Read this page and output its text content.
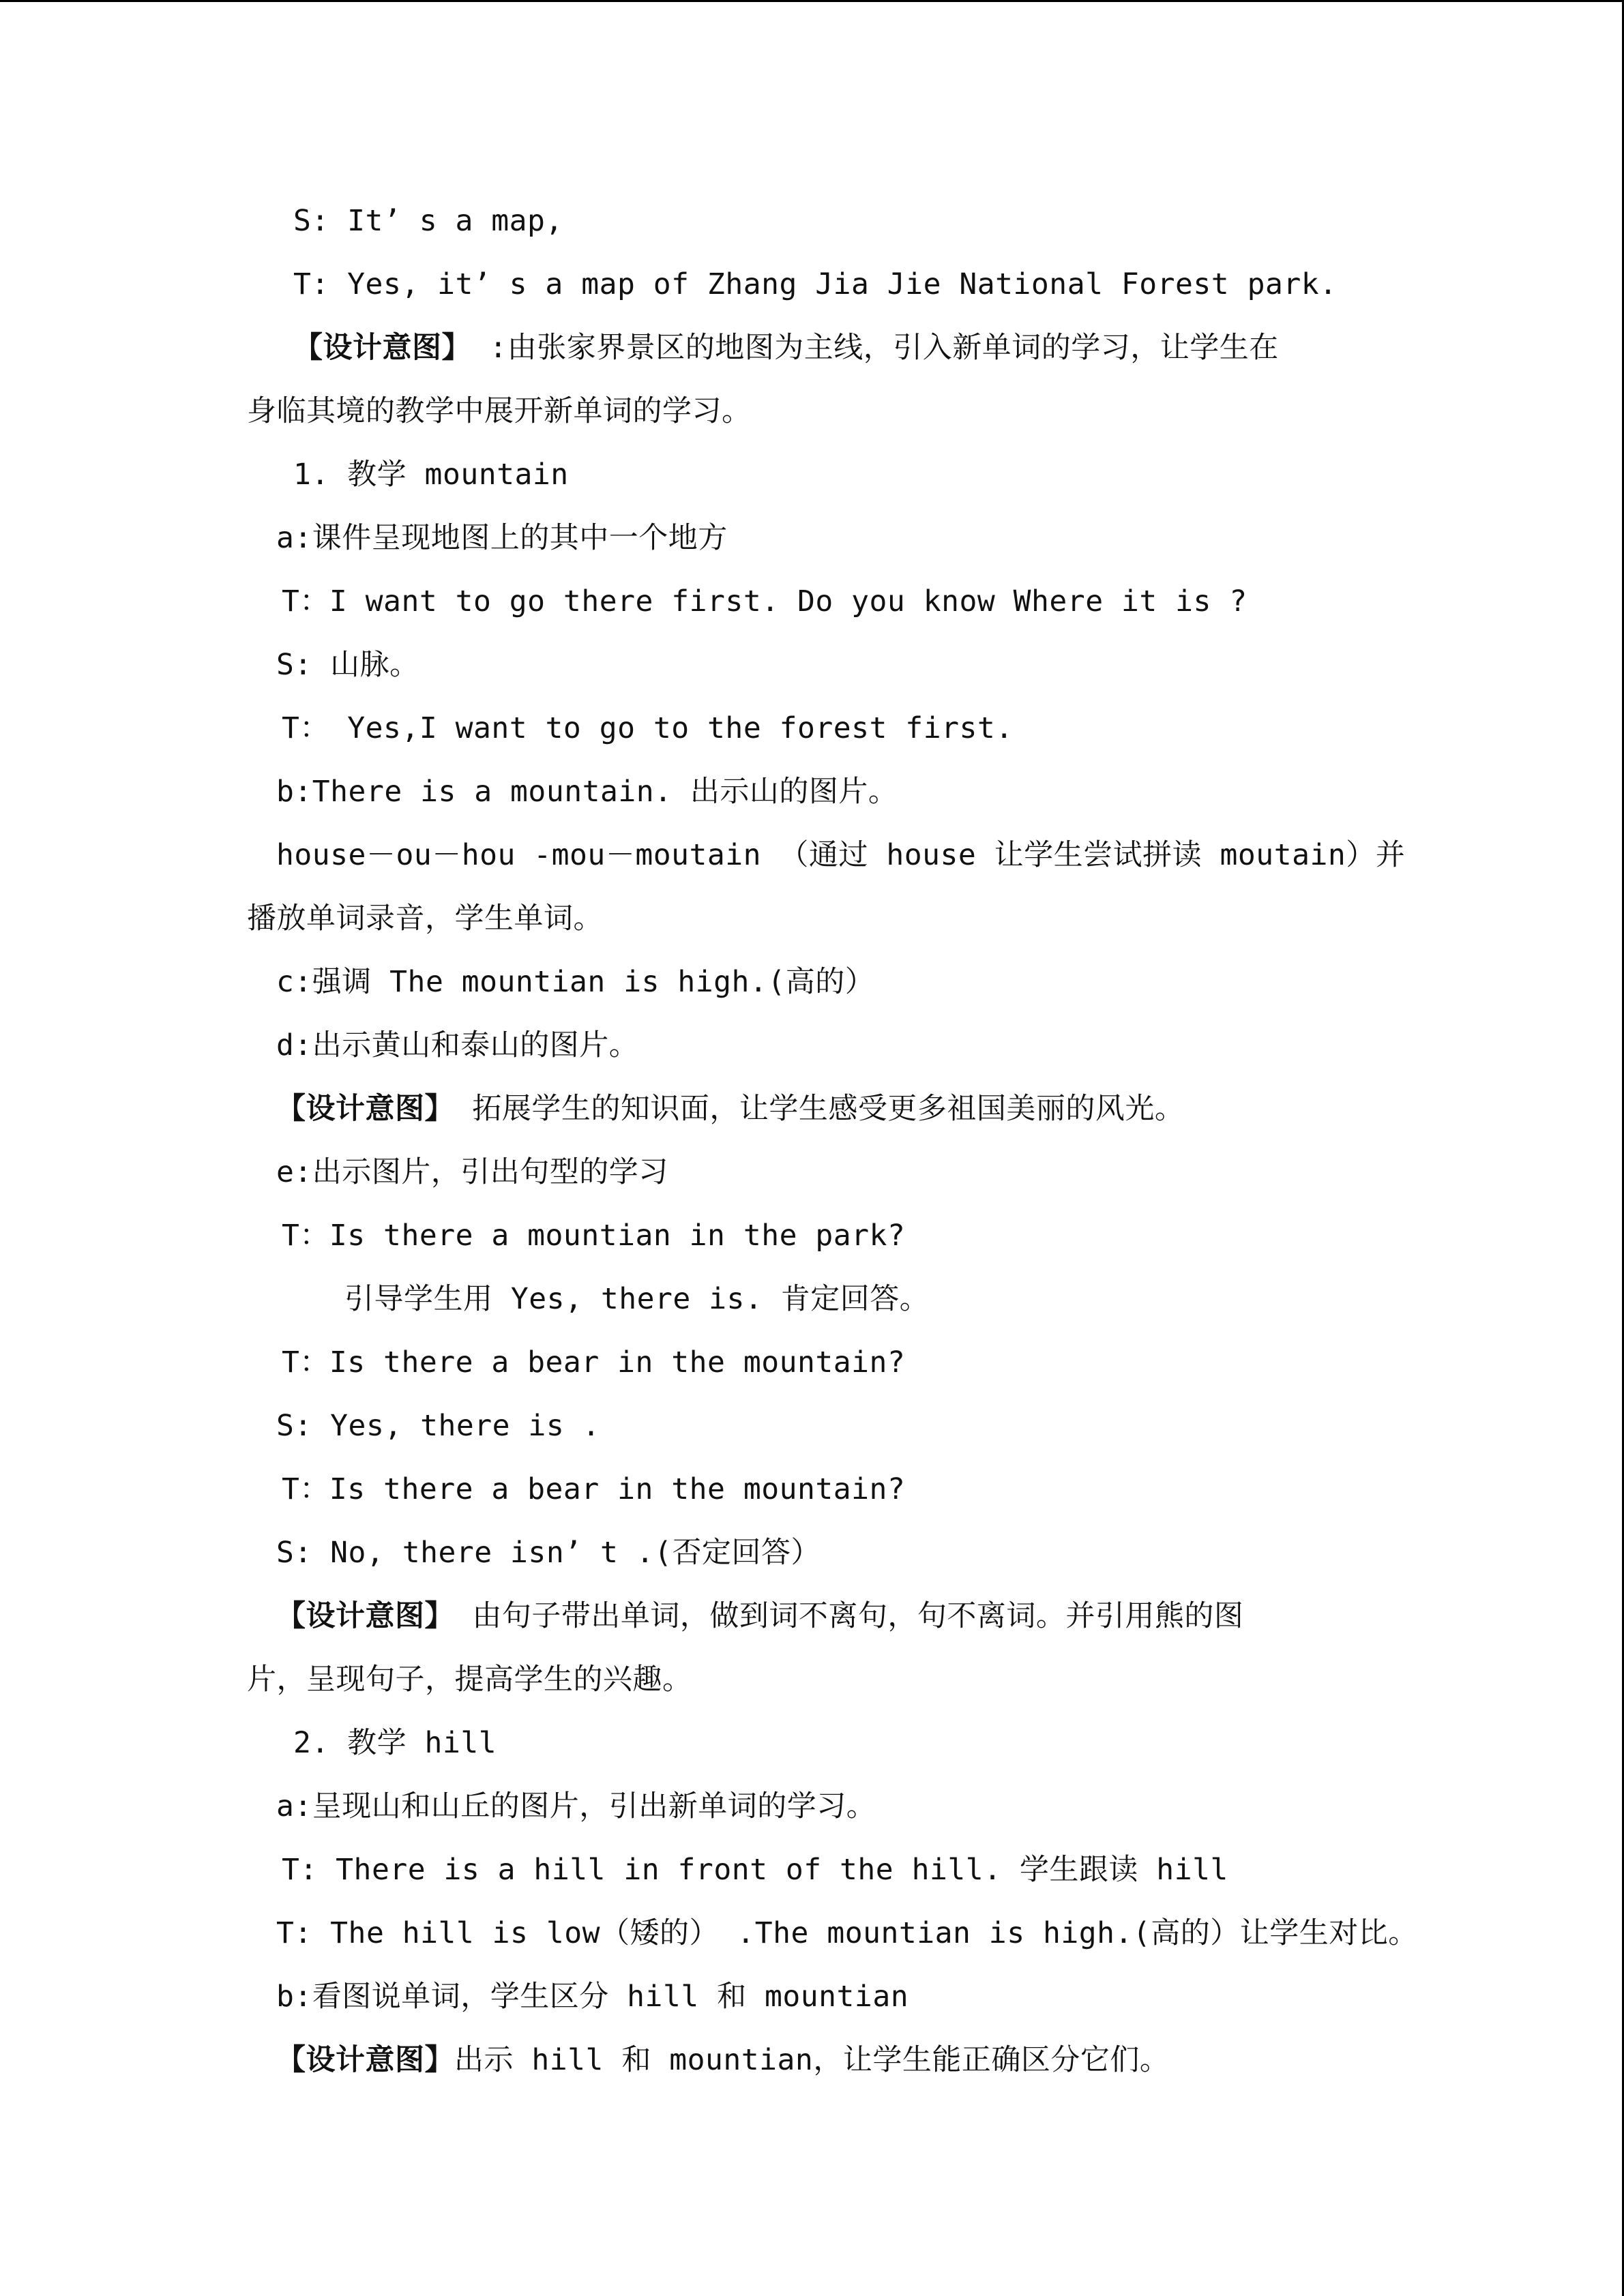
S: It’ s a map,
T: Yes, it’ s a map of Zhang Jia Jie National Forest park.
【设计意图】 :由张家界景区的地图为主线，引入新单词的学习，让学生在
身临其境的教学中展开新单词的学习。
1. 教学 mountain
a:课件呈现地图上的其中一个地方
T：I want to go there first. Do you know Where it is ?
S: 山脉。
T： Yes,I want to go to the forest first.
b:There is a mountain. 出示山的图片。
house－ou－hou -mou－moutain （通过 house 让学生尝试拼读 moutain）并
播放单词录音，学生单词。
c:强调 The mountian is high.(高的）
d:出示黄山和泰山的图片。
【设计意图】 拓展学生的知识面，让学生感受更多祖国美丽的风光。
e:出示图片，引出句型的学习
T：Is there a mountian in the park?
引导学生用 Yes, there is. 肯定回答。
T：Is there a bear in the mountain?
S: Yes, there is .
T：Is there a bear in the mountain?
S: No, there isn’ t .(否定回答）
【设计意图】 由句子带出单词，做到词不离句，句不离词。并引用熊的图
片，呈现句子，提高学生的兴趣。
2. 教学 hill
a:呈现山和山丘的图片，引出新单词的学习。
T: There is a hill in front of the hill. 学生跟读 hill
T: The hill is low（矮的） .The mountian is high.(高的）让学生对比。
b:看图说单词，学生区分 hill 和 mountian
【设计意图】出示 hill 和 mountian，让学生能正确区分它们。
